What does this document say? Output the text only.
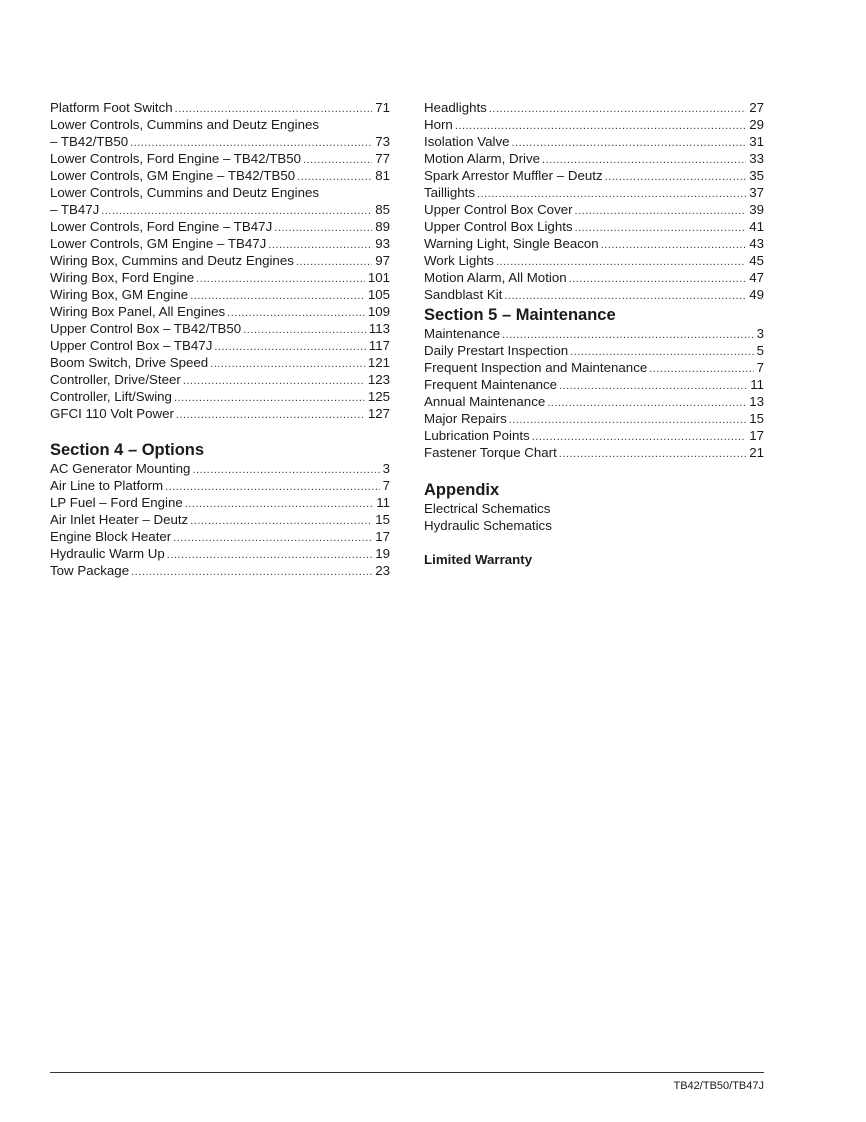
Platform Foot Switch .....	71
Lower Controls, Cummins and Deutz Engines
– TB42/TB50 .....	73
Lower Controls, Ford Engine – TB42/TB50 .....	77
Lower Controls, GM Engine – TB42/TB50 .....	81
Lower Controls, Cummins and Deutz Engines
– TB47J .....	85
Lower Controls, Ford Engine – TB47J .....	89
Lower Controls, GM Engine – TB47J .....	93
Wiring Box, Cummins and Deutz Engines .....	97
Wiring Box, Ford Engine .....	101
Wiring Box, GM Engine .....	105
Wiring Box Panel, All Engines .....	109
Upper Control Box – TB42/TB50 .....	113
Upper Control Box – TB47J .....	117
Boom Switch, Drive Speed .....	121
Controller, Drive/Steer .....	123
Controller, Lift/Swing .....	125
GFCI 110 Volt Power .....	127
Section 4 – Options
AC Generator Mounting .....	3
Air Line to Platform .....	7
LP Fuel – Ford Engine .....	11
Air Inlet Heater – Deutz .....	15
Engine Block Heater .....	17
Hydraulic Warm Up .....	19
Tow Package .....	23
Headlights .....	27
Horn .....	29
Isolation Valve .....	31
Motion Alarm, Drive .....	33
Spark Arrestor Muffler – Deutz .....	35
Taillights .....	37
Upper Control Box Cover .....	39
Upper Control Box Lights .....	41
Warning Light, Single Beacon .....	43
Work Lights .....	45
Motion Alarm, All Motion .....	47
Sandblast Kit .....	49
Section 5 – Maintenance
Maintenance .....	3
Daily Prestart Inspection .....	5
Frequent Inspection and Maintenance .....	7
Frequent Maintenance .....	11
Annual Maintenance .....	13
Major Repairs .....	15
Lubrication Points .....	17
Fastener Torque Chart .....	21
Appendix
Electrical Schematics
Hydraulic Schematics
Limited Warranty
TB42/TB50/TB47J
